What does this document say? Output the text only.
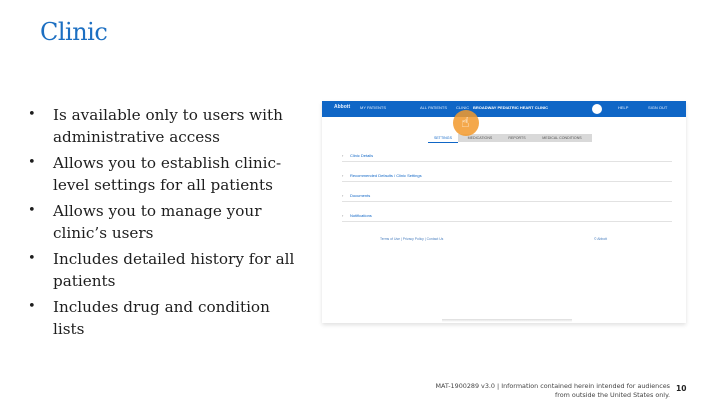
Clinic
• Is available only to users with administrative access
• Allows you to establish clinic-level settings for all patients
• Allows you to manage your clinic’s users
• Includes detailed history for all patients
• Includes drug and condition lists
Abbott MY PATIENTS	ALL PATIENTS CLINIC BROADWAY PEDIATRIC HEART CLINIC	HELP	SIGN OUT
SETTINGS	MEDICATIONS	REPORTS	MEDICAL CONDITIONS
› Clinic Details
› Recommended Defaults / Clinic Settings
› Documents
› Notifications
Terms of Use | Privacy Policy | Contact Us	© Abbott
☝
MAT-1900289 v3.0 | Information contained herein intended for audiences from outside the United States only.
10
